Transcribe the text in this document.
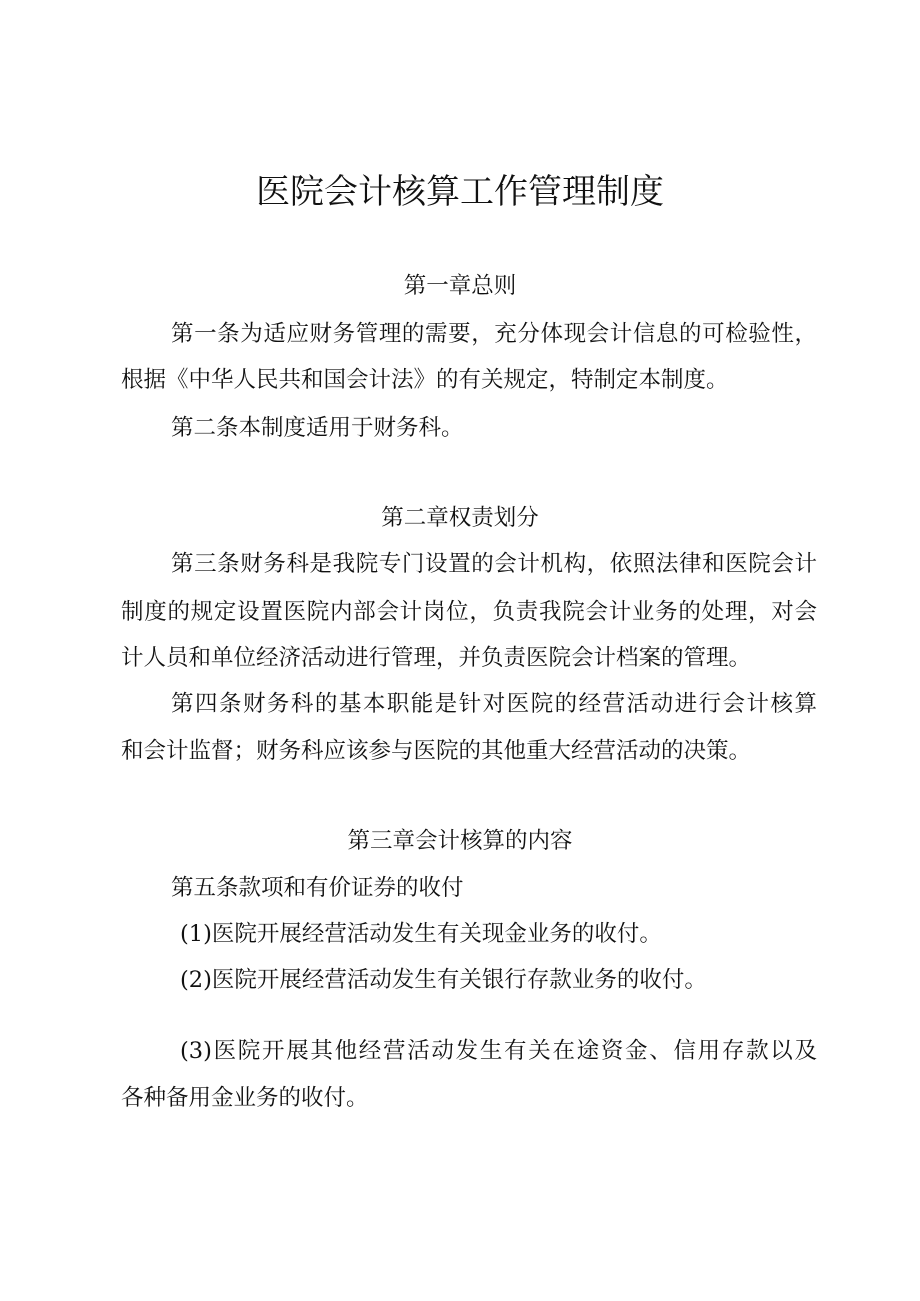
医院会计核算工作管理制度
第一章总则
第一条为适应财务管理的需要，充分体现会计信息的可检验性，
根据《中华人民共和国会计法》的有关规定，特制定本制度。
第二条本制度适用于财务科。
第二章权责划分
第三条财务科是我院专门设置的会计机构，依照法律和医院会计
制度的规定设置医院内部会计岗位，负责我院会计业务的处理，对会
计人员和单位经济活动进行管理，并负责医院会计档案的管理。
第四条财务科的基本职能是针对医院的经营活动进行会计核算
和会计监督；财务科应该参与医院的其他重大经营活动的决策。
第三章会计核算的内容
第五条款项和有价证券的收付
(1)医院开展经营活动发生有关现金业务的收付。
(2)医院开展经营活动发生有关银行存款业务的收付。
(3)医院开展其他经营活动发生有关在途资金、信用存款以及
各种备用金业务的收付。
